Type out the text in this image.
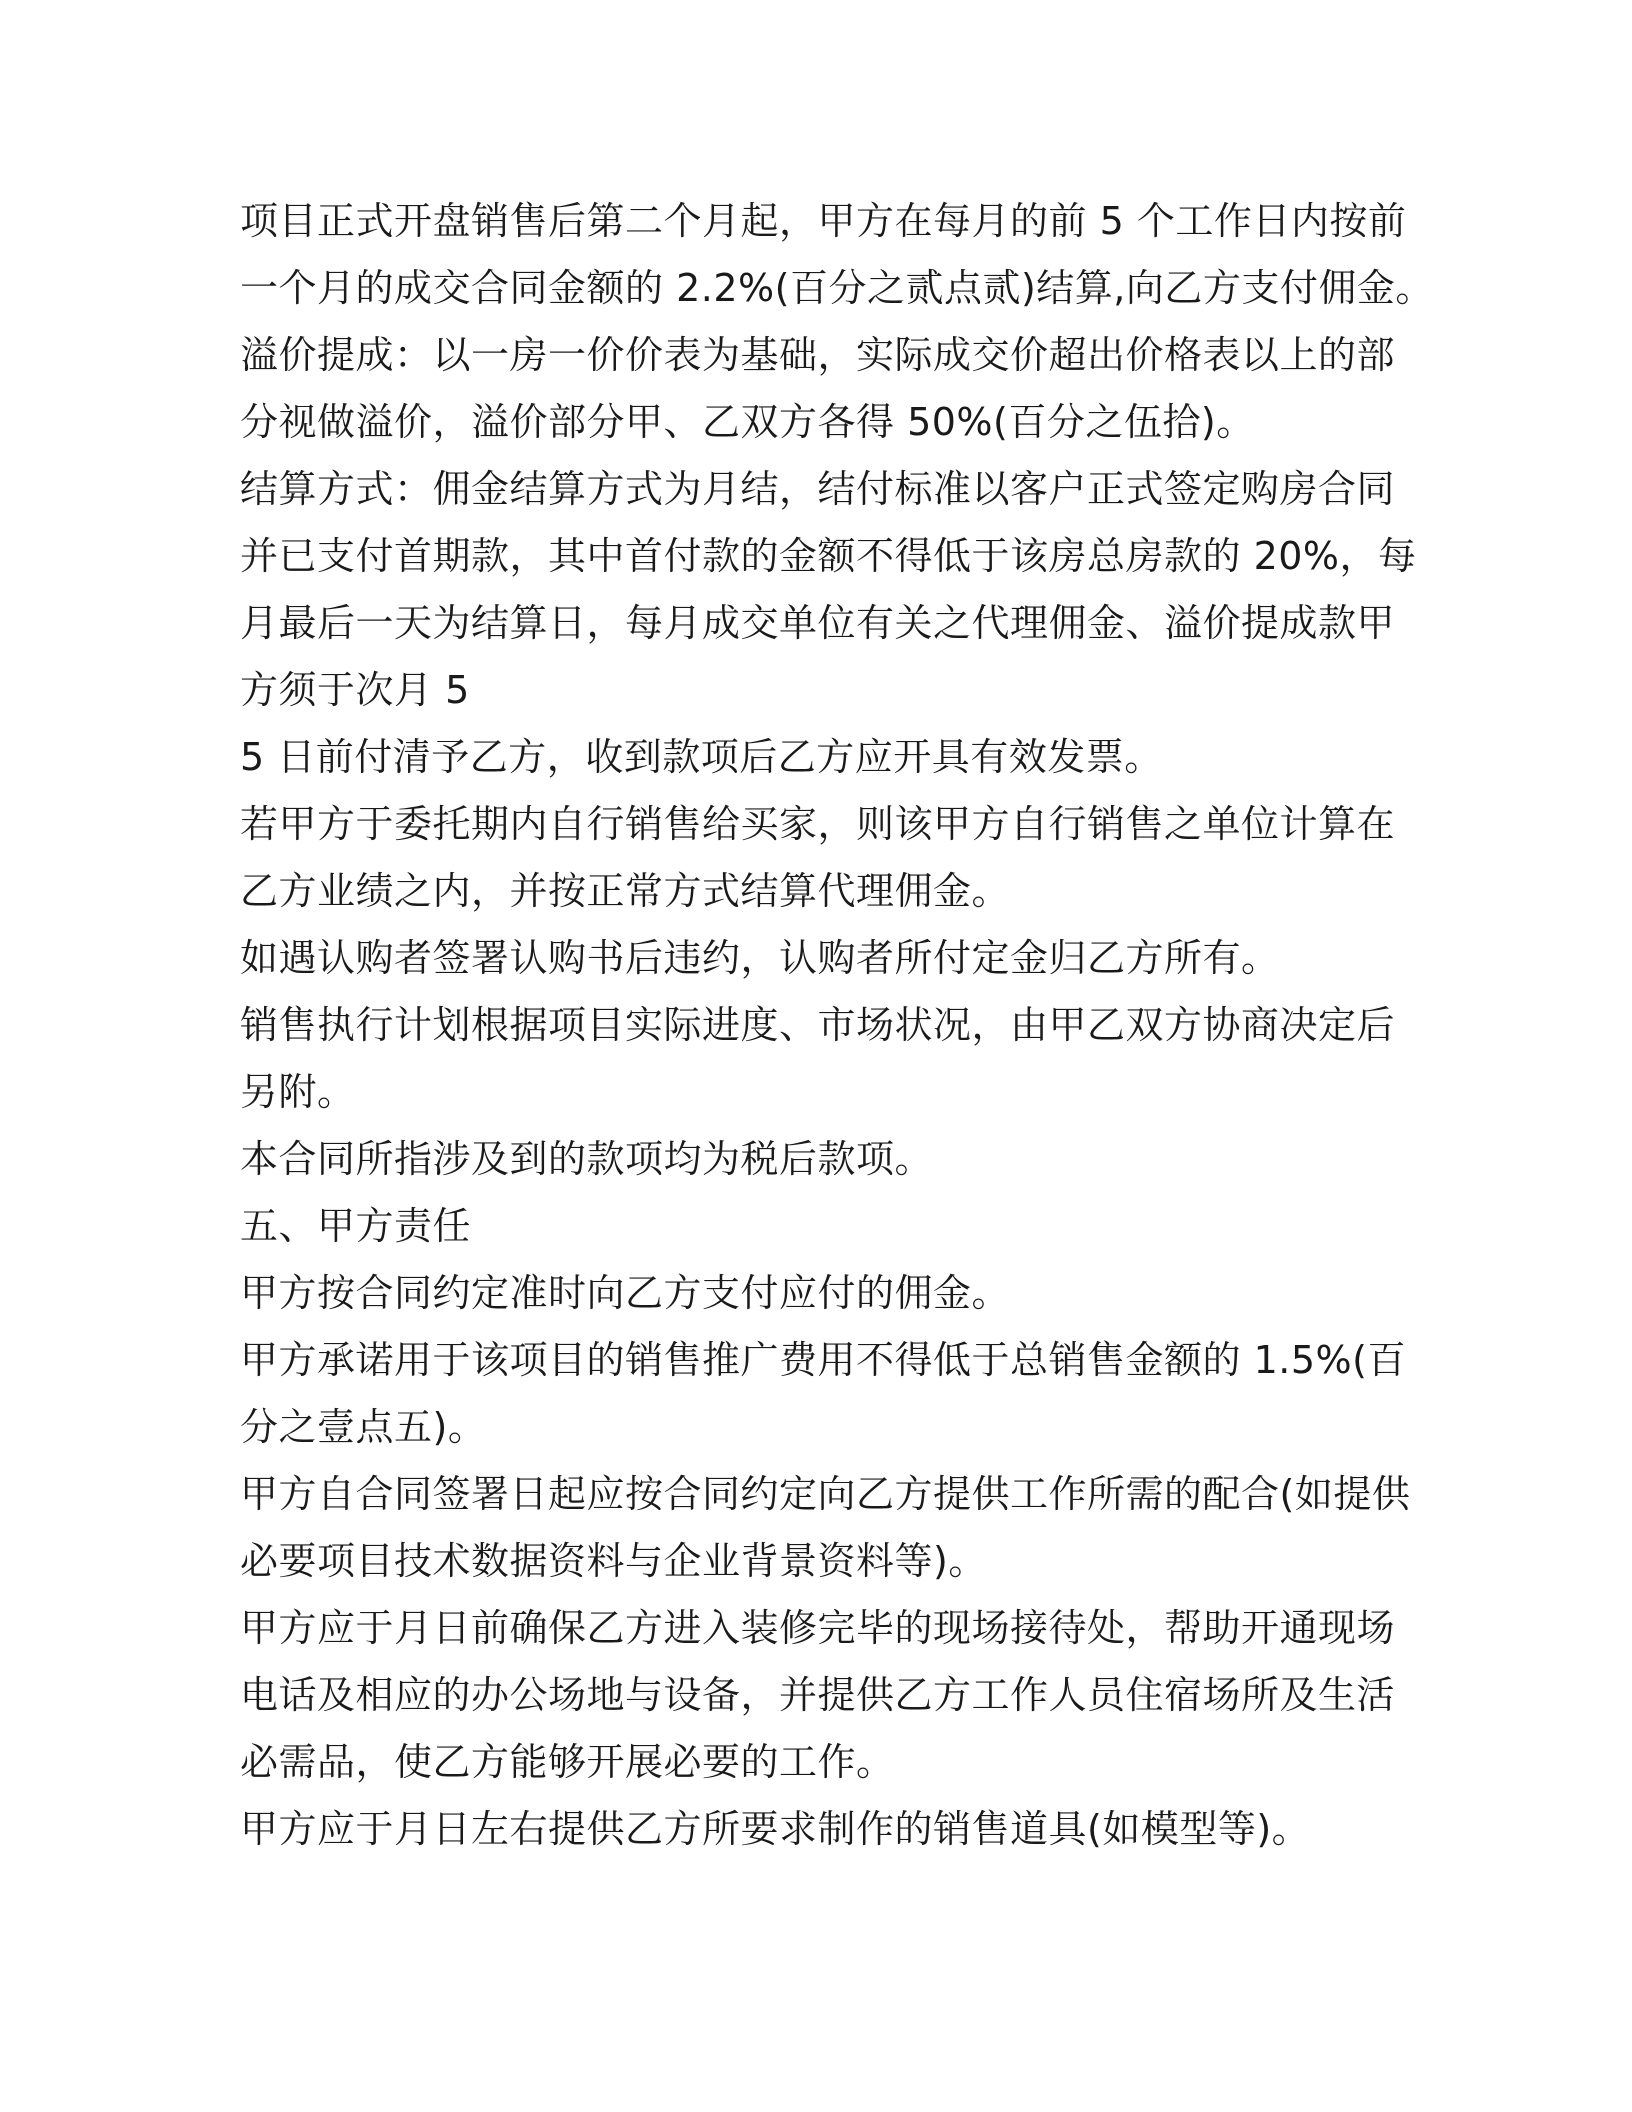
项目正式开盘销售后第二个月起，甲方在每月的前 5 个工作日内按前
一个月的成交合同金额的 2.2%(百分之贰点贰)结算,向乙方支付佣金。
溢价提成：以一房一价价表为基础，实际成交价超出价格表以上的部
分视做溢价，溢价部分甲、乙双方各得 50%(百分之伍拾)。
结算方式：佣金结算方式为月结，结付标准以客户正式签定购房合同
并已支付首期款，其中首付款的金额不得低于该房总房款的 20%，每
月最后一天为结算日，每月成交单位有关之代理佣金、溢价提成款甲
方须于次月 5
5 日前付清予乙方，收到款项后乙方应开具有效发票。
若甲方于委托期内自行销售给买家，则该甲方自行销售之单位计算在
乙方业绩之内，并按正常方式结算代理佣金。
如遇认购者签署认购书后违约，认购者所付定金归乙方所有。
销售执行计划根据项目实际进度、市场状况，由甲乙双方协商决定后
另附。
本合同所指涉及到的款项均为税后款项。
五、甲方责任
甲方按合同约定准时向乙方支付应付的佣金。
甲方承诺用于该项目的销售推广费用不得低于总销售金额的 1.5%(百
分之壹点五)。
甲方自合同签署日起应按合同约定向乙方提供工作所需的配合(如提供
必要项目技术数据资料与企业背景资料等)。
甲方应于月日前确保乙方进入装修完毕的现场接待处，帮助开通现场
电话及相应的办公场地与设备，并提供乙方工作人员住宿场所及生活
必需品，使乙方能够开展必要的工作。
甲方应于月日左右提供乙方所要求制作的销售道具(如模型等)。
